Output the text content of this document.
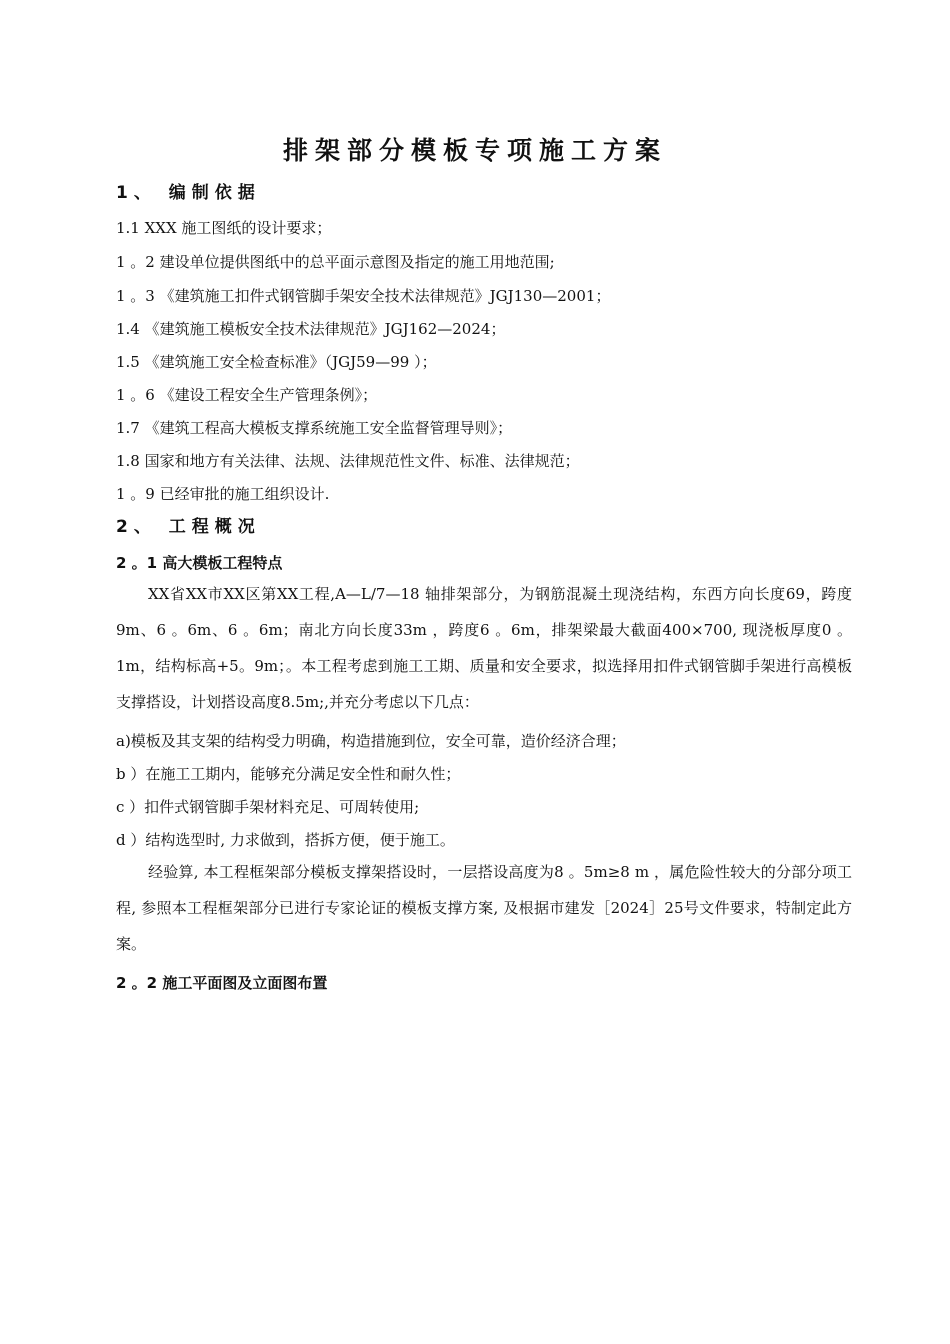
排架部分模板专项施工方案
1、 编制依据
1.1 XXX 施工图纸的设计要求；
1 。2 建设单位提供图纸中的总平面示意图及指定的施工用地范围;
1 。3 《建筑施工扣件式钢管脚手架安全技术法律规范》JGJ130—2001；
1.4 《建筑施工模板安全技术法律规范》JGJ162—2024；
1.5 《建筑施工安全检查标准》（JGJ59—99 ）；
1 。6 《建设工程安全生产管理条例》；
1.7 《建筑工程高大模板支撑系统施工安全监督管理导则》；
1.8 国家和地方有关法律、法规、法律规范性文件、标准、法律规范；
1 。9 已经审批的施工组织设计.
2、 工程概况
2 。1 高大模板工程特点

XX省XX市XX区第XX工程,A—L/7—18 轴排架部分，为钢筋混凝土现浇结构，东西方向长度69，跨度 9m、6 。6m、6 。6m；南北方向长度33m ，跨度6 。6m，排架梁最大截面400×700, 现浇板厚度0 。1m，结构标高+5。9m；。本工程考虑到施工工期、质量和安全要求，拟选择用扣件式钢管脚手架进行高模板支撑搭设，计划搭设高度8.5m;,并充分考虑以下几点：

a)模板及其支架的结构受力明确，构造措施到位，安全可靠，造价经济合理；
b ）在施工工期内，能够充分满足安全性和耐久性；
c ）扣件式钢管脚手架材料充足、可周转使用;
d ）结构选型时, 力求做到，搭拆方便，便于施工。

经验算, 本工程框架部分模板支撑架搭设时，一层搭设高度为8 。5m≥8 m ，属危险性较大的分部分项工程, 参照本工程框架部分已进行专家论证的模板支撑方案, 及根据市建发［2024］25号文件要求，特制定此方案。

2 。2 施工平面图及立面图布置
